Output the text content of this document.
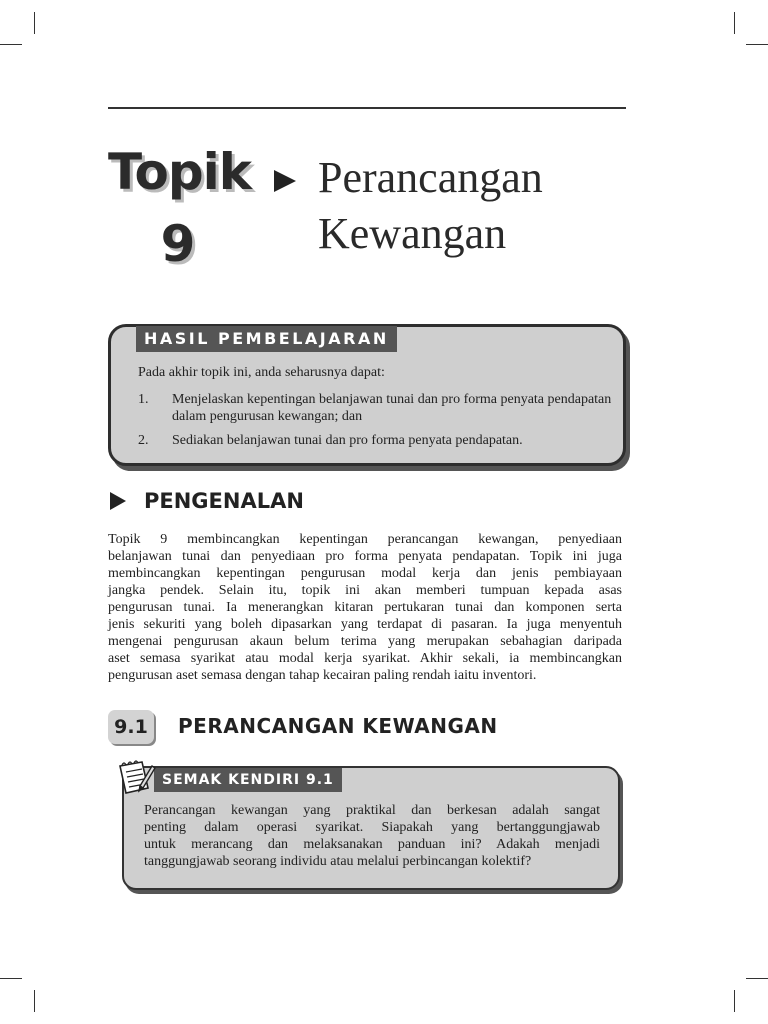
Topik
9
Perancangan
Kewangan
HASIL PEMBELAJARAN
Pada akhir topik ini, anda seharusnya dapat:
1. Menjelaskan kepentingan belanjawan tunai dan pro forma penyata pendapatan dalam pengurusan kewangan; dan
2. Sediakan belanjawan tunai dan pro forma penyata pendapatan.
PENGENALAN
Topik 9 membincangkan kepentingan perancangan kewangan, penyediaan
belanjawan tunai dan penyediaan pro forma penyata pendapatan. Topik ini juga
membincangkan kepentingan pengurusan modal kerja dan jenis pembiayaan
jangka pendek. Selain itu, topik ini akan memberi tumpuan kepada asas
pengurusan tunai. Ia menerangkan kitaran pertukaran tunai dan komponen serta
jenis sekuriti yang boleh dipasarkan yang terdapat di pasaran. Ia juga menyentuh
mengenai pengurusan akaun belum terima yang merupakan sebahagian daripada
aset semasa syarikat atau modal kerja syarikat. Akhir sekali, ia membincangkan
pengurusan aset semasa dengan tahap kecairan paling rendah iaitu inventori.
9.1	PERANCANGAN KEWANGAN
SEMAK KENDIRI 9.1
Perancangan kewangan yang praktikal dan berkesan adalah sangat
penting dalam operasi syarikat. Siapakah yang bertanggungjawab
untuk merancang dan melaksanakan panduan ini? Adakah menjadi
tanggungjawab seorang individu atau melalui perbincangan kolektif?
